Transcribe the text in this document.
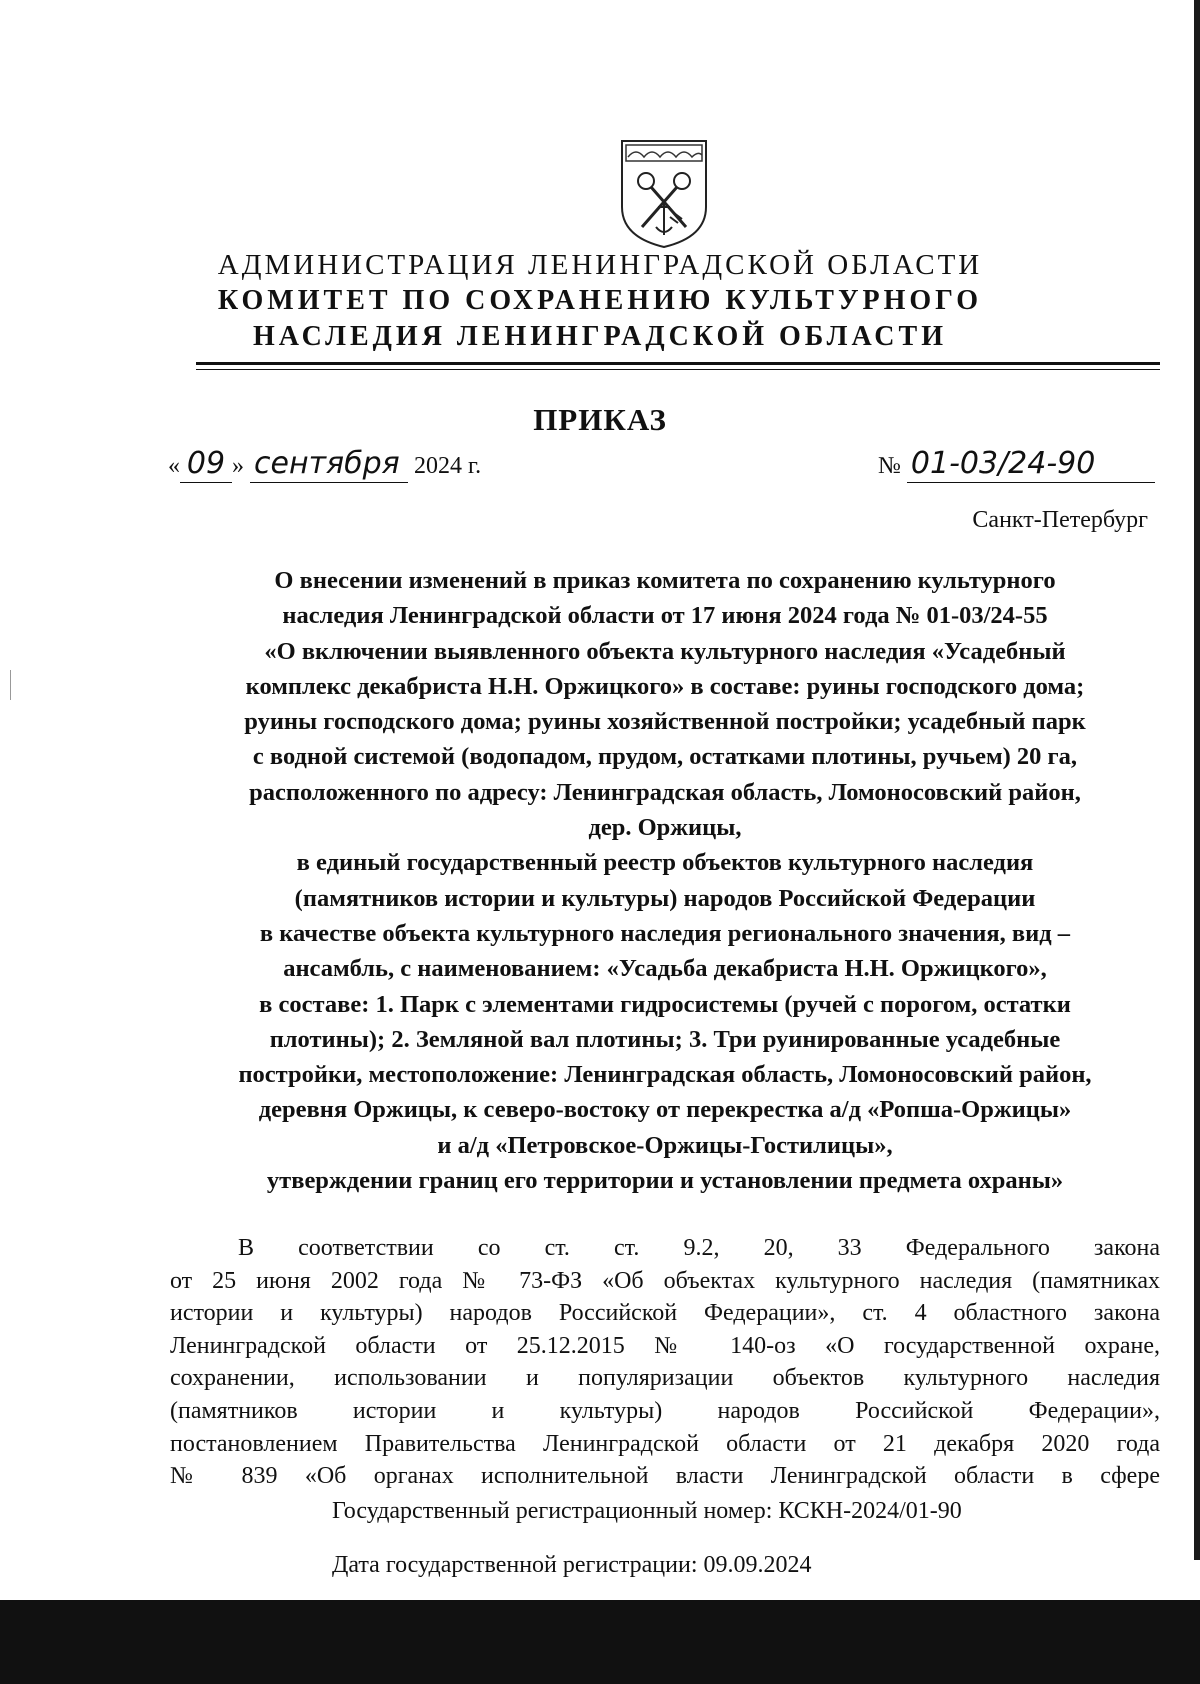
АДМИНИСТРАЦИЯ ЛЕНИНГРАДСКОЙ ОБЛАСТИ
КОМИТЕТ ПО СОХРАНЕНИЮ КУЛЬТУРНОГО
НАСЛЕДИЯ ЛЕНИНГРАДСКОЙ ОБЛАСТИ
ПРИКАЗ
« 09 » сентября 2024 г.	№ 01-03/24-90
Санкт-Петербург
О внесении изменений в приказ комитета по сохранению культурного
наследия Ленинградской области от 17 июня 2024 года № 01-03/24-55
«О включении выявленного объекта культурного наследия «Усадебный
комплекс декабриста Н.Н. Оржицкого» в составе: руины господского дома;
руины господского дома; руины хозяйственной постройки; усадебный парк
с водной системой (водопадом, прудом, остатками плотины, ручьем) 20 га,
расположенного по адресу: Ленинградская область, Ломоносовский район,
дер. Оржицы,
в единый государственный реестр объектов культурного наследия
(памятников истории и культуры) народов Российской Федерации
в качестве объекта культурного наследия регионального значения, вид –
ансамбль, с наименованием: «Усадьба декабриста Н.Н. Оржицкого»,
в составе: 1. Парк с элементами гидросистемы (ручей с порогом, остатки
плотины); 2. Земляной вал плотины; 3. Три руинированные усадебные
постройки, местоположение: Ленинградская область, Ломоносовский район,
деревня Оржицы, к северо-востоку от перекрестка а/д «Ропша-Оржицы»
и а/д «Петровское-Оржицы-Гостилицы»,
утверждении границ его территории и установлении предмета охраны»
В соответствии со ст. ст. 9.2, 20, 33 Федерального закона
от 25 июня 2002 года № 73-ФЗ «Об объектах культурного наследия (памятниках
истории и культуры) народов Российской Федерации», ст. 4 областного закона
Ленинградской области от 25.12.2015 № 140-оз «О государственной охране,
сохранении, использовании и популяризации объектов культурного наследия
(памятников истории и культуры) народов Российской Федерации»,
постановлением Правительства Ленинградской области от 21 декабря 2020 года
№ 839 «Об органах исполнительной власти Ленинградской области в сфере
Государственный регистрационный номер: КСКН-2024/01-90
Дата государственной регистрации: 09.09.2024
